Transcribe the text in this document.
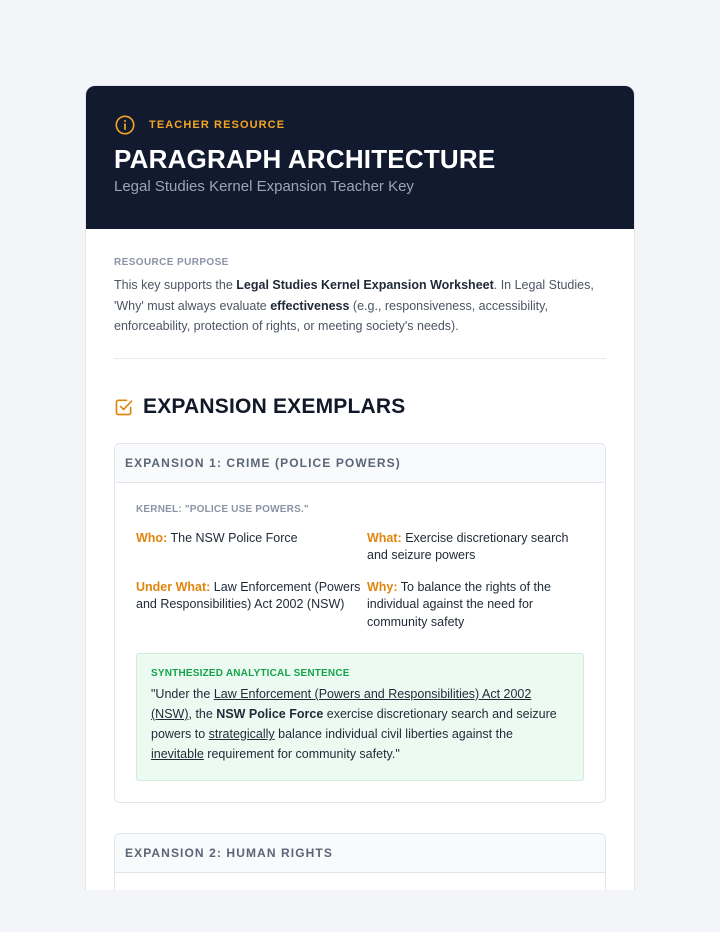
TEACHER RESOURCE
PARAGRAPH ARCHITECTURE
Legal Studies Kernel Expansion Teacher Key
RESOURCE PURPOSE

This key supports the Legal Studies Kernel Expansion Worksheet. In Legal Studies, 'Why' must always evaluate effectiveness (e.g., responsiveness, accessibility, enforceability, protection of rights, or meeting society's needs).

EXPANSION EXEMPLARS
EXPANSION 1: CRIME (POLICE POWERS)
KERNEL: "POLICE USE POWERS."
Who: The NSW Police Force	What: Exercise discretionary search and seizure powers
Under What: Law Enforcement (Powers and Responsibilities) Act 2002 (NSW)
Why: To balance the rights of the individual against the need for community safety
SYNTHESIZED ANALYTICAL SENTENCE

"Under the Law Enforcement (Powers and Responsibilities) Act 2002 (NSW), the NSW Police Force exercise discretionary search and seizure powers to strategically balance individual civil liberties against the inevitable requirement for community safety."

EXPANSION 2: HUMAN RIGHTS
